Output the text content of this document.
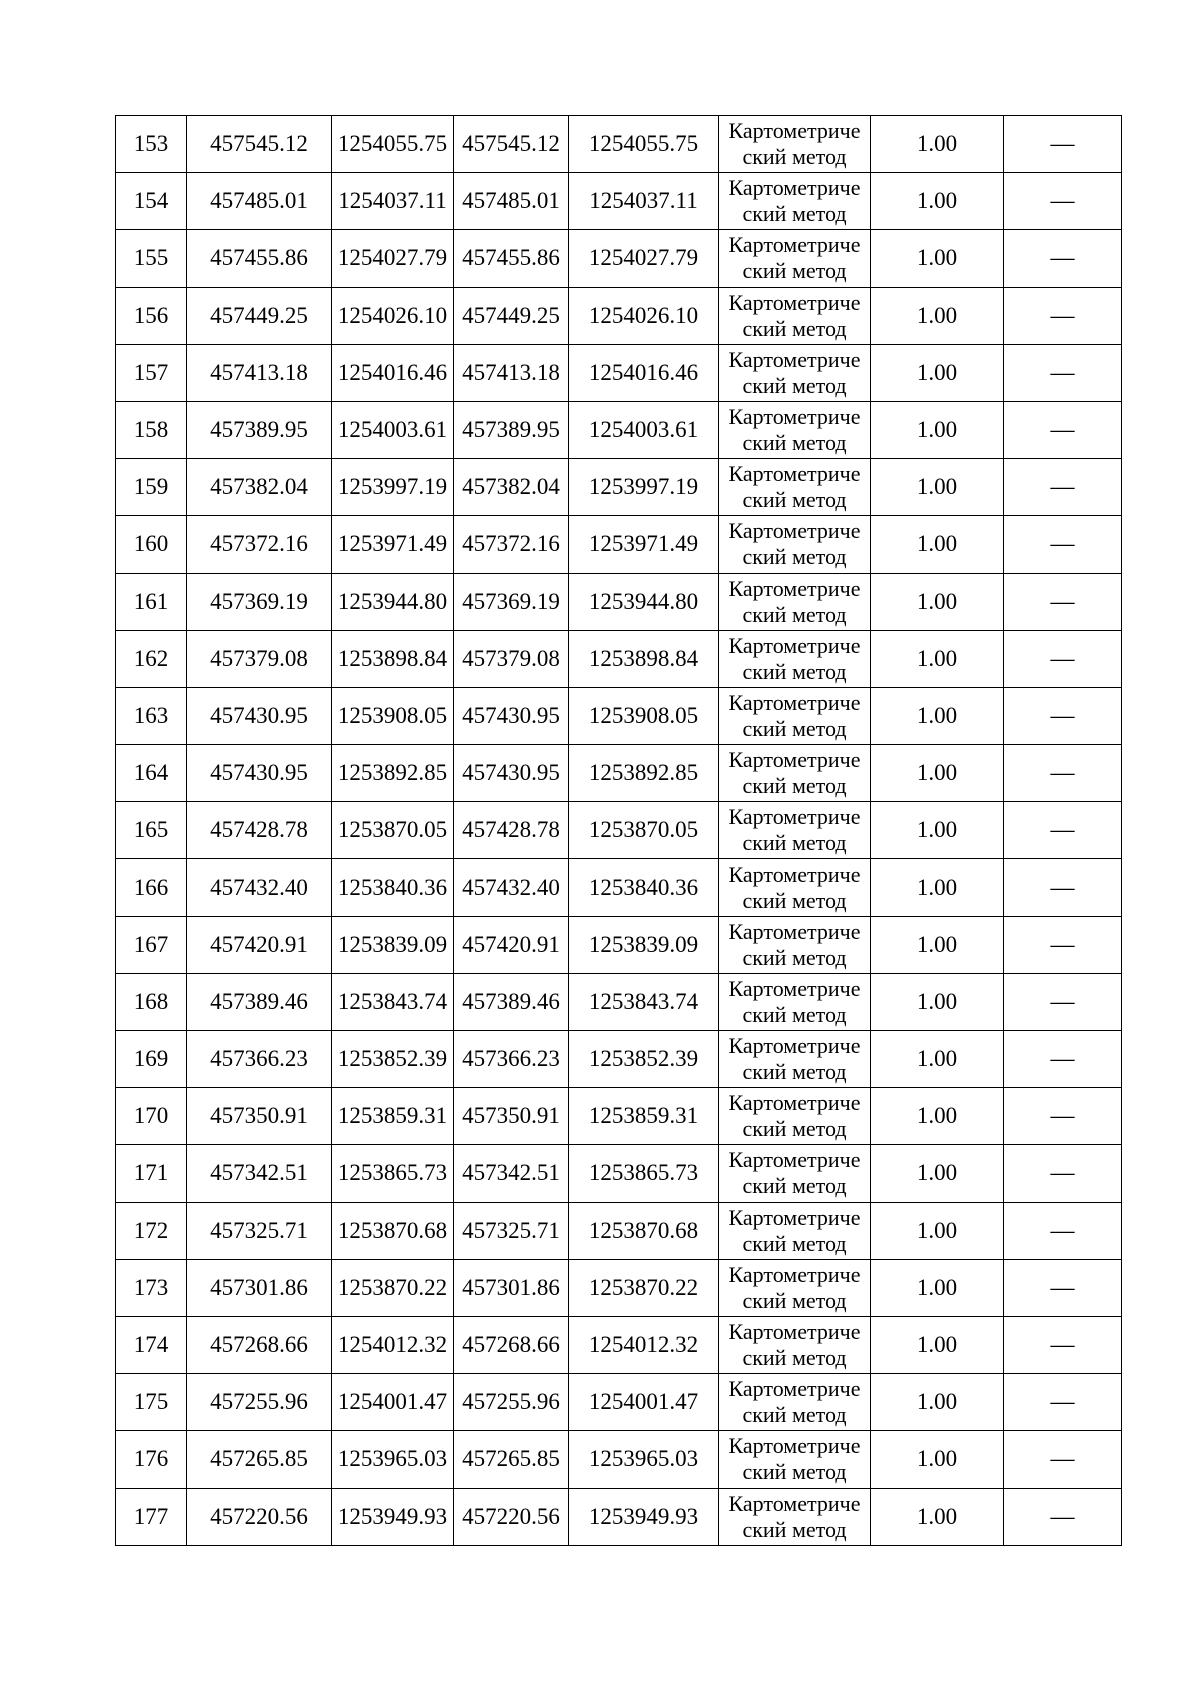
153	457545.12	1254055.75	457545.12	1254055.75	Картометриче
ский метод	1.00	—
154	457485.01	1254037.11	457485.01	1254037.11	Картометриче
ский метод	1.00	—
155	457455.86	1254027.79	457455.86	1254027.79	Картометриче
ский метод	1.00	—
156	457449.25	1254026.10	457449.25	1254026.10	Картометриче
ский метод	1.00	—
157	457413.18	1254016.46	457413.18	1254016.46	Картометриче
ский метод	1.00	—
158	457389.95	1254003.61	457389.95	1254003.61	Картометриче
ский метод	1.00	—
159	457382.04	1253997.19	457382.04	1253997.19	Картометриче
ский метод	1.00	—
160	457372.16	1253971.49	457372.16	1253971.49	Картометриче
ский метод	1.00	—
161	457369.19	1253944.80	457369.19	1253944.80	Картометриче
ский метод	1.00	—
162	457379.08	1253898.84	457379.08	1253898.84	Картометриче
ский метод	1.00	—
163	457430.95	1253908.05	457430.95	1253908.05	Картометриче
ский метод	1.00	—
164	457430.95	1253892.85	457430.95	1253892.85	Картометриче
ский метод	1.00	—
165	457428.78	1253870.05	457428.78	1253870.05	Картометриче
ский метод	1.00	—
166	457432.40	1253840.36	457432.40	1253840.36	Картометриче
ский метод	1.00	—
167	457420.91	1253839.09	457420.91	1253839.09	Картометриче
ский метод	1.00	—
168	457389.46	1253843.74	457389.46	1253843.74	Картометриче
ский метод	1.00	—
169	457366.23	1253852.39	457366.23	1253852.39	Картометриче
ский метод	1.00	—
170	457350.91	1253859.31	457350.91	1253859.31	Картометриче
ский метод	1.00	—
171	457342.51	1253865.73	457342.51	1253865.73	Картометриче
ский метод	1.00	—
172	457325.71	1253870.68	457325.71	1253870.68	Картометриче
ский метод	1.00	—
173	457301.86	1253870.22	457301.86	1253870.22	Картометриче
ский метод	1.00	—
174	457268.66	1254012.32	457268.66	1254012.32	Картометриче
ский метод	1.00	—
175	457255.96	1254001.47	457255.96	1254001.47	Картометриче
ский метод	1.00	—
176	457265.85	1253965.03	457265.85	1253965.03	Картометриче
ский метод	1.00	—
177	457220.56	1253949.93	457220.56	1253949.93	Картометриче
ский метод	1.00	—
